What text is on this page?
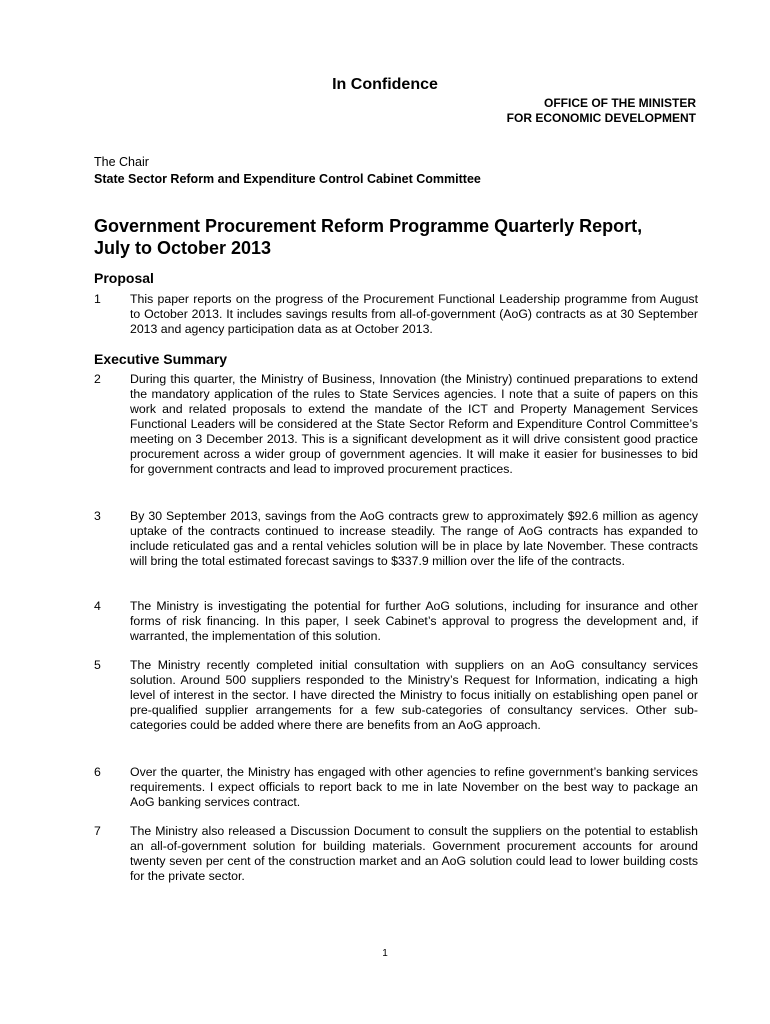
In Confidence
OFFICE OF THE MINISTER
FOR ECONOMIC DEVELOPMENT
The Chair
State Sector Reform and Expenditure Control Cabinet Committee
Government Procurement Reform Programme Quarterly Report,
July to October 2013
Proposal
1	This paper reports on the progress of the Procurement Functional Leadership programme from August to October 2013. It includes savings results from all-of-government (AoG) contracts as at 30 September 2013 and agency participation data as at October 2013.
Executive Summary
2	During this quarter, the Ministry of Business, Innovation (the Ministry) continued preparations to extend the mandatory application of the rules to State Services agencies. I note that a suite of papers on this work and related proposals to extend the mandate of the ICT and Property Management Services Functional Leaders will be considered at the State Sector Reform and Expenditure Control Committee’s meeting on 3 December 2013. This is a significant development as it will drive consistent good practice procurement across a wider group of government agencies. It will make it easier for businesses to bid for government contracts and lead to improved procurement practices.
3	By 30 September 2013, savings from the AoG contracts grew to approximately $92.6 million as agency uptake of the contracts continued to increase steadily. The range of AoG contracts has expanded to include reticulated gas and a rental vehicles solution will be in place by late November. These contracts will bring the total estimated forecast savings to $337.9 million over the life of the contracts.
4	The Ministry is investigating the potential for further AoG solutions, including for insurance and other forms of risk financing. In this paper, I seek Cabinet’s approval to progress the development and, if warranted, the implementation of this solution.
5	The Ministry recently completed initial consultation with suppliers on an AoG consultancy services solution. Around 500 suppliers responded to the Ministry’s Request for Information, indicating a high level of interest in the sector. I have directed the Ministry to focus initially on establishing open panel or pre-qualified supplier arrangements for a few sub-categories of consultancy services. Other sub-categories could be added where there are benefits from an AoG approach.
6	Over the quarter, the Ministry has engaged with other agencies to refine government’s banking services requirements. I expect officials to report back to me in late November on the best way to package an AoG banking services contract.
7	The Ministry also released a Discussion Document to consult the suppliers on the potential to establish an all-of-government solution for building materials. Government procurement accounts for around twenty seven per cent of the construction market and an AoG solution could lead to lower building costs for the private sector.
1
